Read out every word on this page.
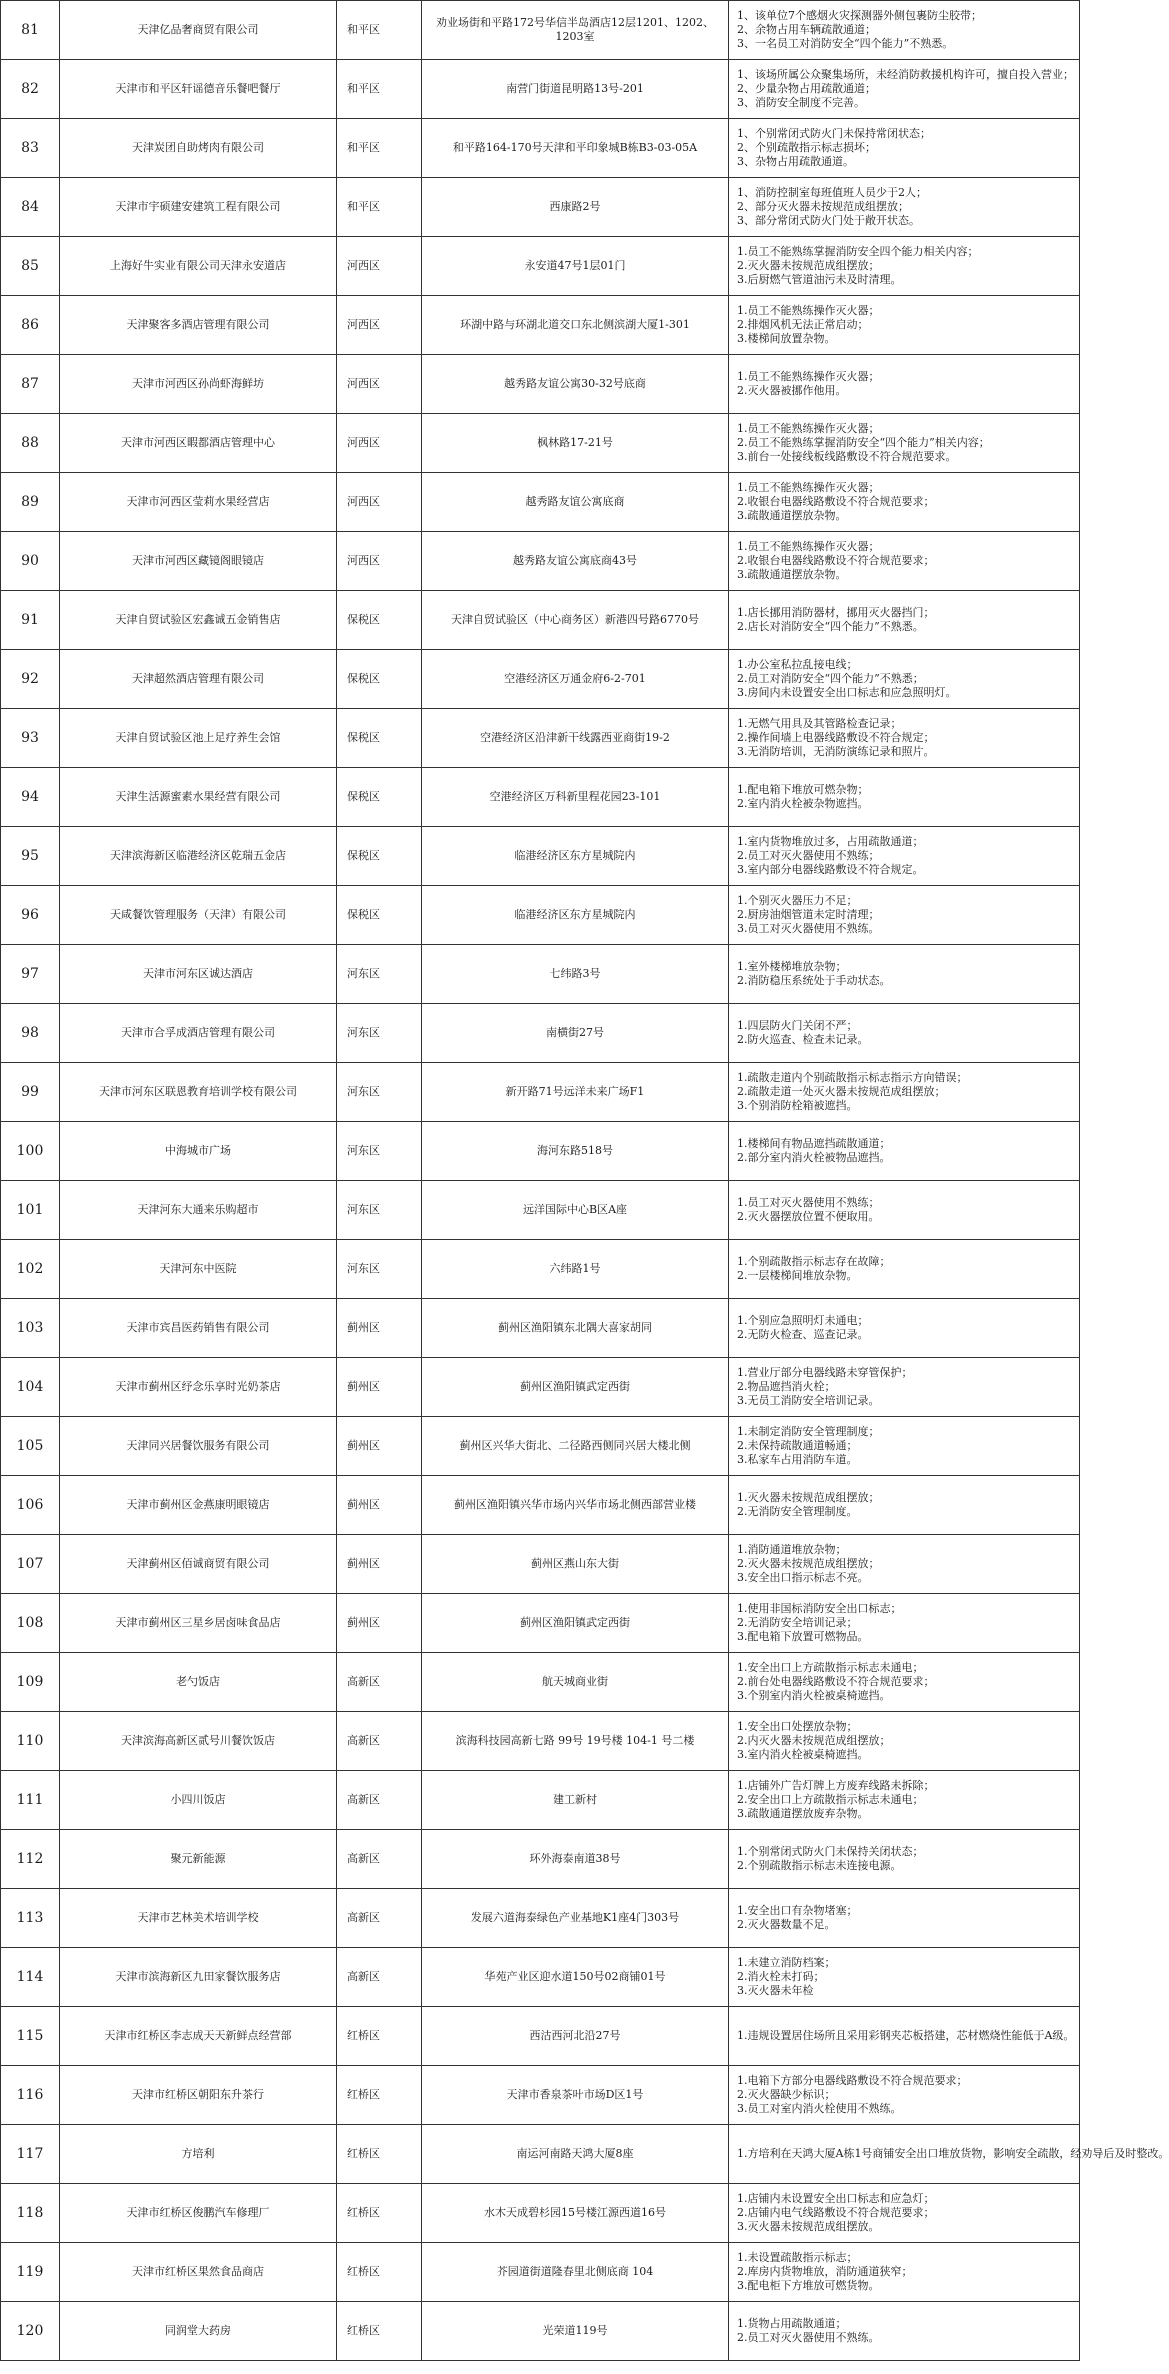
81	天津亿品奢商贸有限公司	和平区	劝业场街和平路172号华信半岛酒店12层1201、1202、1203室	1、该单位7个感烟火灾探测器外侧包裹防尘胶带；
2、余物占用车辆疏散通道；
3、一名员工对消防安全“四个能力”不熟悉。

82	天津市和平区轩谣德音乐餐吧餐厅	和平区	南营门街道昆明路13号-201	1、该场所属公众聚集场所，未经消防救援机构许可，擅自投入营业；
2、少量杂物占用疏散通道；
3、消防安全制度不完善。

83	天津炭团自助烤肉有限公司	和平区	和平路164-170号天津和平印象城B栋B3-03-05A	1、个别常闭式防火门未保持常闭状态；
2、个别疏散指示标志损坏；
3、杂物占用疏散通道。

84	天津市宇硕建安建筑工程有限公司	和平区	西康路2号	1、消防控制室每班值班人员少于2人；
2、部分灭火器未按规范成组摆放；
3、部分常闭式防火门处于敞开状态。

85	上海好牛实业有限公司天津永安道店	河西区	永安道47号1层01门	1.员工不能熟练掌握消防安全四个能力相关内容；
2.灭火器未按规范成组摆放；
3.后厨燃气管道油污未及时清理。

86	天津聚客多酒店管理有限公司	河西区	环湖中路与环湖北道交口东北侧滨湖大厦1-301	1.员工不能熟练操作灭火器；
2.排烟风机无法正常启动；
3.楼梯间放置杂物。

87	天津市河西区孙尚虾海鲜坊	河西区	越秀路友谊公寓30-32号底商	1.员工不能熟练操作灭火器；
2.灭火器被挪作他用。

88	天津市河西区暇都酒店管理中心	河西区	枫林路17-21号	1.员工不能熟练操作灭火器；
2.员工不能熟练掌握消防安全“四个能力”相关内容；
3.前台一处接线板线路敷设不符合规范要求。

89	天津市河西区莹莉水果经营店	河西区	越秀路友谊公寓底商	1.员工不能熟练操作灭火器；
2.收银台电器线路敷设不符合规范要求；
3.疏散通道摆放杂物。

90	天津市河西区藏镜阁眼镜店	河西区	越秀路友谊公寓底商43号	1.员工不能熟练操作灭火器；
2.收银台电器线路敷设不符合规范要求；
3.疏散通道摆放杂物。

91	天津自贸试验区宏鑫诚五金销售店	保税区	天津自贸试验区（中心商务区）新港四号路6770号	1.店长挪用消防器材，挪用灭火器挡门；
2.店长对消防安全“四个能力”不熟悉。

92	天津超然酒店管理有限公司	保税区	空港经济区万通金府6-2-701	1.办公室私拉乱接电线；
2.员工对消防安全“四个能力”不熟悉；
3.房间内未设置安全出口标志和应急照明灯。

93	天津自贸试验区池上足疗养生会馆	保税区	空港经济区沿津新干线露西亚商街19-2	1.无燃气用具及其管路检查记录；
2.操作间墙上电器线路敷设不符合规定；
3.无消防培训，无消防演练记录和照片。

94	天津生活源蜜素水果经营有限公司	保税区	空港经济区万科新里程花园23-101	1.配电箱下堆放可燃杂物；
2.室内消火栓被杂物遮挡。

95	天津滨海新区临港经济区乾瑞五金店	保税区	临港经济区东方星城院内	1.室内货物堆放过多，占用疏散通道；
2.员工对灭火器使用不熟练；
3.室内部分电器线路敷设不符合规定。

96	天咸餐饮管理服务（天津）有限公司	保税区	临港经济区东方星城院内	1.个别灭火器压力不足；
2.厨房油烟管道未定时清理；
3.员工对灭火器使用不熟练。

97	天津市河东区诚达酒店	河东区	七纬路3号	1.室外楼梯堆放杂物；
2.消防稳压系统处于手动状态。

98	天津市合孚成酒店管理有限公司	河东区	南横街27号	1.四层防火门关闭不严；
2.防火巡查、检查未记录。

99	天津市河东区联恩教育培训学校有限公司	河东区	新开路71号远洋未来广场F1	1.疏散走道内个别疏散指示标志指示方向错误；
2.疏散走道一处灭火器未按规范成组摆放；
3.个别消防栓箱被遮挡。

100	中海城市广场	河东区	海河东路518号	1.楼梯间有物品遮挡疏散通道；
2.部分室内消火栓被物品遮挡。

101	天津河东大通来乐购超市	河东区	远洋国际中心B区A座	1.员工对灭火器使用不熟练；
2.灭火器摆放位置不便取用。

102	天津河东中医院	河东区	六纬路1号	1.个别疏散指示标志存在故障；
2.一层楼梯间堆放杂物。

103	天津市宾昌医药销售有限公司	蓟州区	蓟州区渔阳镇东北隅大喜家胡同	1.个别应急照明灯未通电；
2.无防火检查、巡查记录。

104	天津市蓟州区纾念乐享时光奶茶店	蓟州区	蓟州区渔阳镇武定西街	1.营业厅部分电器线路未穿管保护；
2.物品遮挡消火栓；
3.无员工消防安全培训记录。

105	天津同兴居餐饮服务有限公司	蓟州区	蓟州区兴华大街北、二径路西侧同兴居大楼北侧	1.未制定消防安全管理制度；
2.未保持疏散通道畅通；
3.私家车占用消防车道。

106	天津市蓟州区金燕康明眼镜店	蓟州区	蓟州区渔阳镇兴华市场内兴华市场北侧西部营业楼	1.灭火器未按规范成组摆放；
2.无消防安全管理制度。

107	天津蓟州区佰诚商贸有限公司	蓟州区	蓟州区燕山东大街	1.消防通道堆放杂物；
2.灭火器未按规范成组摆放；
3.安全出口指示标志不亮。

108	天津市蓟州区三星乡居卤味食品店	蓟州区	蓟州区渔阳镇武定西街	1.使用非国标消防安全出口标志；
2.无消防安全培训记录；
3.配电箱下放置可燃物品。

109	老勺饭店	高新区	航天城商业街	1.安全出口上方疏散指示标志未通电；
2.前台处电器线路敷设不符合规范要求；
3.个别室内消火栓被桌椅遮挡。

110	天津滨海高新区贰号川餐饮饭店	高新区	滨海科技园高新七路 99号 19号楼 104-1 号二楼	1.安全出口处摆放杂物；
2.内灭火器未按规范成组摆放；
3.室内消火栓被桌椅遮挡。

111	小四川饭店	高新区	建工新村	1.店铺外广告灯牌上方废弃线路未拆除；
2.安全出口上方疏散指示标志未通电；
3.疏散通道摆放废弃杂物。

112	聚元新能源	高新区	环外海泰南道38号	1.个别常闭式防火门未保持关闭状态；
2.个别疏散指示标志未连接电源。

113	天津市艺林美术培训学校	高新区	发展六道海泰绿色产业基地K1座4门303号	1.安全出口有杂物堵塞；
2.灭火器数量不足。

114	天津市滨海新区九田家餐饮服务店	高新区	华苑产业区迎水道150号02商铺01号	1.未建立消防档案；
2.消火栓未打码；
3.灭火器未年检

115	天津市红桥区李志成天天新鲜点经营部	红桥区	西沽西河北沿27号	1.违规设置居住场所且采用彩钢夹芯板搭建，芯材燃烧性能低于A级。

116	天津市红桥区朝阳东升茶行	红桥区	天津市香泉茶叶市场D区1号	1.电箱下方部分电器线路敷设不符合规范要求；
2.灭火器缺少标识；
3.员工对室内消火栓使用不熟练。

117	方培利	红桥区	南运河南路天鸿大厦8座	1.方培利在天鸿大厦A栋1号商铺安全出口堆放货物，影响安全疏散，经劝导后及时整改。

118	天津市红桥区俊鹏汽车修理厂	红桥区	水木天成碧杉园15号楼江源西道16号	1.店铺内未设置安全出口标志和应急灯；
2.店铺内电气线路敷设不符合规范要求；
3.灭火器未按规范成组摆放。

119	天津市红桥区果然食品商店	红桥区	芥园道街道隆春里北侧底商 104	1.未设置疏散指示标志；
2.库房内货物堆放，消防通道狭窄；
3.配电柜下方堆放可燃货物。

120	同润堂大药房	红桥区	光荣道119号	1.货物占用疏散通道；
2.员工对灭火器使用不熟练。
